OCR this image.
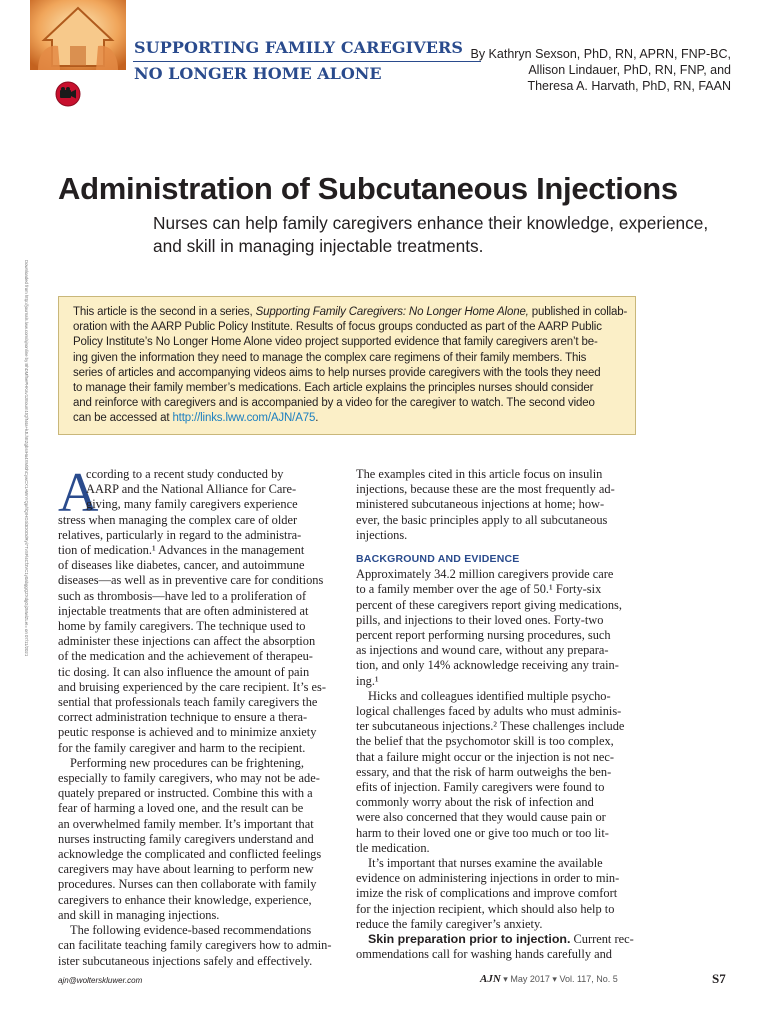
SUPPORTING FAMILY CAREGIVERS
NO LONGER HOME ALONE
By Kathryn Sexson, PhD, RN, APRN, FNP-BC,
Allison Lindauer, PhD, RN, FNP, and
Theresa A. Harvath, PhD, RN, FAAN
Administration of Subcutaneous Injections
Nurses can help family caregivers enhance their knowledge, experience, and skill in managing injectable treatments.
Downloaded from http://journals.lww.com/ajnonline by BhDMf5ePHKav1zEoum1tQfN4a+kJLhEZgbsIHo4XMi0hCywCX1AWnYQp/IlQrHD3i3D0OdRyi7TvSFl4Cf3VC1y0abggQZXdgGj2MwlZLeI= on 07/11/2021	This article is the second in a series, Supporting Family Caregivers: No Longer Home Alone, published in collab-
oration with the AARP Public Policy Institute. Results of focus groups conducted as part of the AARP Public
Policy Institute’s No Longer Home Alone video project supported evidence that family caregivers aren’t be-
ing given the information they need to manage the complex care regimens of their family members. This
series of articles and accompanying videos aims to help nurses provide caregivers with the tools they need
to manage their family member’s medications. Each article explains the principles nurses should consider
and reinforce with caregivers and is accompanied by a video for the caregiver to watch. The second video
can be accessed at http://links.lww.com/AJN/A75.
A
ccording to a recent study conducted by
AARP and the National Alliance for Care-
giving, many family caregivers experience
stress when managing the complex care of older
relatives, particularly in regard to the administra-
tion of medication.¹ Advances in the management
of diseases like diabetes, cancer, and autoimmune
diseases—as well as in preventive care for conditions
such as thrombosis—have led to a proliferation of
injectable treatments that are often administered at
home by family caregivers. The technique used to
administer these injections can affect the absorption
of the medication and the achievement of therapeu-
tic dosing. It can also influence the amount of pain
and bruising experienced by the care recipient. It’s es-
sential that professionals teach family caregivers the
correct administration technique to ensure a thera-
peutic response is achieved and to minimize anxiety
for the family caregiver and harm to the recipient.
Performing new procedures can be frightening,
especially to family caregivers, who may not be ade-
quately prepared or instructed. Combine this with a
fear of harming a loved one, and the result can be
an overwhelmed family member. It’s important that
nurses instructing family caregivers understand and
acknowledge the complicated and conflicted feelings
caregivers may have about learning to perform new
procedures. Nurses can then collaborate with family
caregivers to enhance their knowledge, experience,
and skill in managing injections.
The following evidence-based recommendations
can facilitate teaching family caregivers how to admin-
ister subcutaneous injections safely and effectively.
The examples cited in this article focus on insulin
injections, because these are the most frequently ad-
ministered subcutaneous injections at home; how-
ever, the basic principles apply to all subcutaneous
injections.
BACKGROUND AND EVIDENCE
Approximately 34.2 million caregivers provide care
to a family member over the age of 50.¹ Forty-six
percent of these caregivers report giving medications,
pills, and injections to their loved ones. Forty-two
percent report performing nursing procedures, such
as injections and wound care, without any prepara-
tion, and only 14% acknowledge receiving any train-
ing.¹
Hicks and colleagues identified multiple psycho-
logical challenges faced by adults who must adminis-
ter subcutaneous injections.² These challenges include
the belief that the psychomotor skill is too complex,
that a failure might occur or the injection is not nec-
essary, and that the risk of harm outweighs the ben-
efits of injection. Family caregivers were found to
commonly worry about the risk of infection and
were also concerned that they would cause pain or
harm to their loved one or give too much or too lit-
tle medication.
It’s important that nurses examine the available
evidence on administering injections in order to min-
imize the risk of complications and improve comfort
for the injection recipient, which should also help to
reduce the family caregiver’s anxiety.
Skin preparation prior to injection. Current rec-
ommendations call for washing hands carefully and
ajn@wolterskluwer.com	AJN ▾ May 2017 ▾ Vol. 117, No. 5	S7
